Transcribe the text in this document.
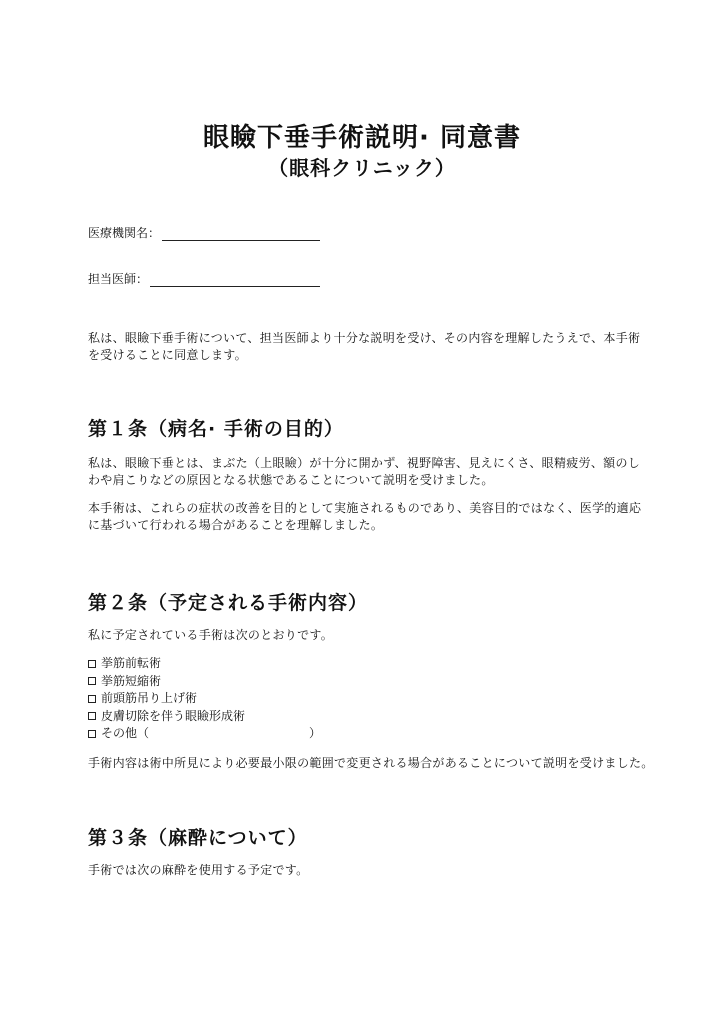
眼瞼下垂手術説明· 同意書
（眼科クリニック）
医療機関名：
担当医師：
私は、眼瞼下垂手術について、担当医師より十分な説明を受け、その内容を理解したうえで、本手術
を受けることに同意します。
第１条（病名· 手術の目的）
私は、眼瞼下垂とは、まぶた（上眼瞼）が十分に開かず、視野障害、見えにくさ、眼精疲労、額のし
わや肩こりなどの原因となる状態であることについて説明を受けました。
本手術は、これらの症状の改善を目的として実施されるものであり、美容目的ではなく、医学的適応
に基づいて行われる場合があることを理解しました。
第２条（予定される手術内容）
私に予定されている手術は次のとおりです。
挙筋前転術
挙筋短縮術
前頭筋吊り上げ術
皮膚切除を伴う眼瞼形成術
その他（	）
手術内容は術中所見により必要最小限の範囲で変更される場合があることについて説明を受けました。
第３条（麻酔について）
手術では次の麻酔を使用する予定です。
